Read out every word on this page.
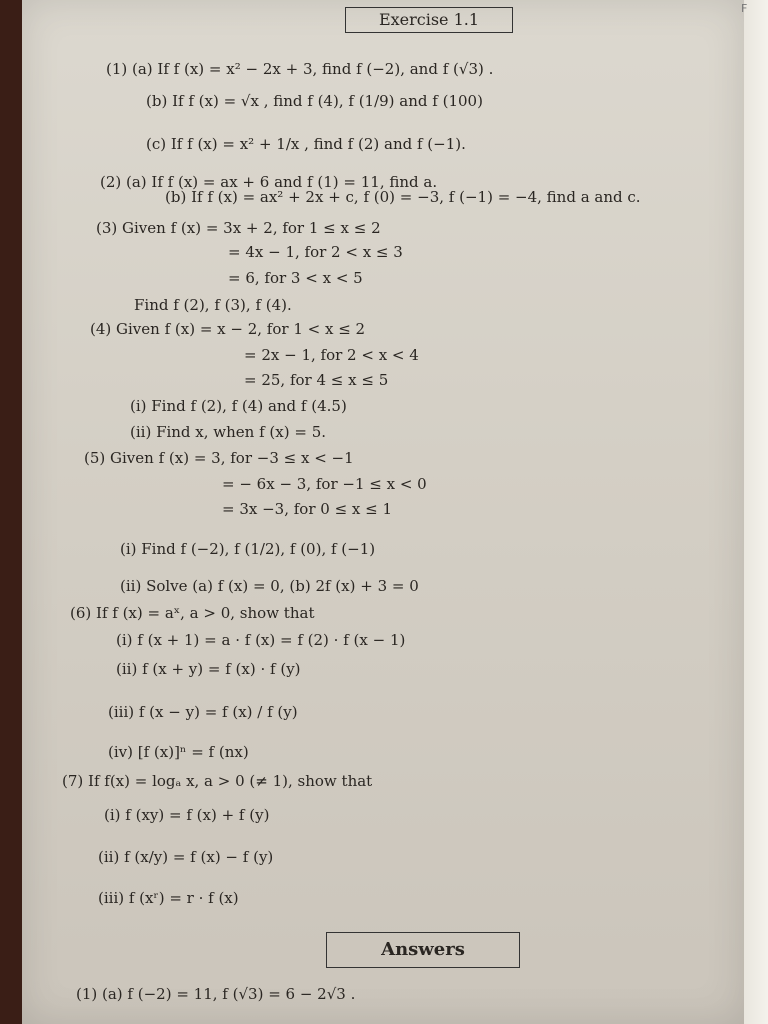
F
Exercise 1.1
(1) (a) If f (x) = x² − 2x + 3, find f (−2), and f (√3) .
(b) If f (x) = √x , find f (4), f (1/9) and f (100)
(c) If f (x) = x² + 1/x , find f (2) and f (−1).
(2) (a) If f (x) = ax + 6 and f (1) = 11, find a.
(b) If f (x) = ax² + 2x + c, f (0) = −3, f (−1) = −4, find a and c.
(3) Given f (x) = 3x + 2, for 1 ≤ x ≤ 2
= 4x − 1, for 2 < x ≤ 3
= 6, for 3 < x < 5
Find f (2), f (3), f (4).
(4) Given f (x) = x − 2, for 1 < x ≤ 2
= 2x − 1, for 2 < x < 4
= 25, for 4 ≤ x ≤ 5
(i) Find f (2), f (4) and f (4.5)
(ii) Find x, when f (x) = 5.
(5) Given f (x) = 3, for −3 ≤ x < −1
= − 6x − 3, for −1 ≤ x < 0
= 3x −3, for 0 ≤ x ≤ 1
(i) Find f (−2), f (1/2), f (0), f (−1)
(ii) Solve (a) f (x) = 0, (b) 2f (x) + 3 = 0
(6) If f (x) = aˣ, a > 0, show that
(i) f (x + 1) = a · f (x) = f (2) · f (x − 1)
(ii) f (x + y) = f (x) · f (y)
(iii) f (x − y) = f (x) / f (y)
(iv) [f (x)]ⁿ = f (nx)
(7) If f(x) = logₐ x, a > 0 (≠ 1), show that
(i) f (xy) = f (x) + f (y)
(ii) f (x/y) = f (x) − f (y)
(iii) f (xʳ) = r · f (x)
Answers
(1) (a) f (−2) = 11, f (√3) = 6 − 2√3 .
